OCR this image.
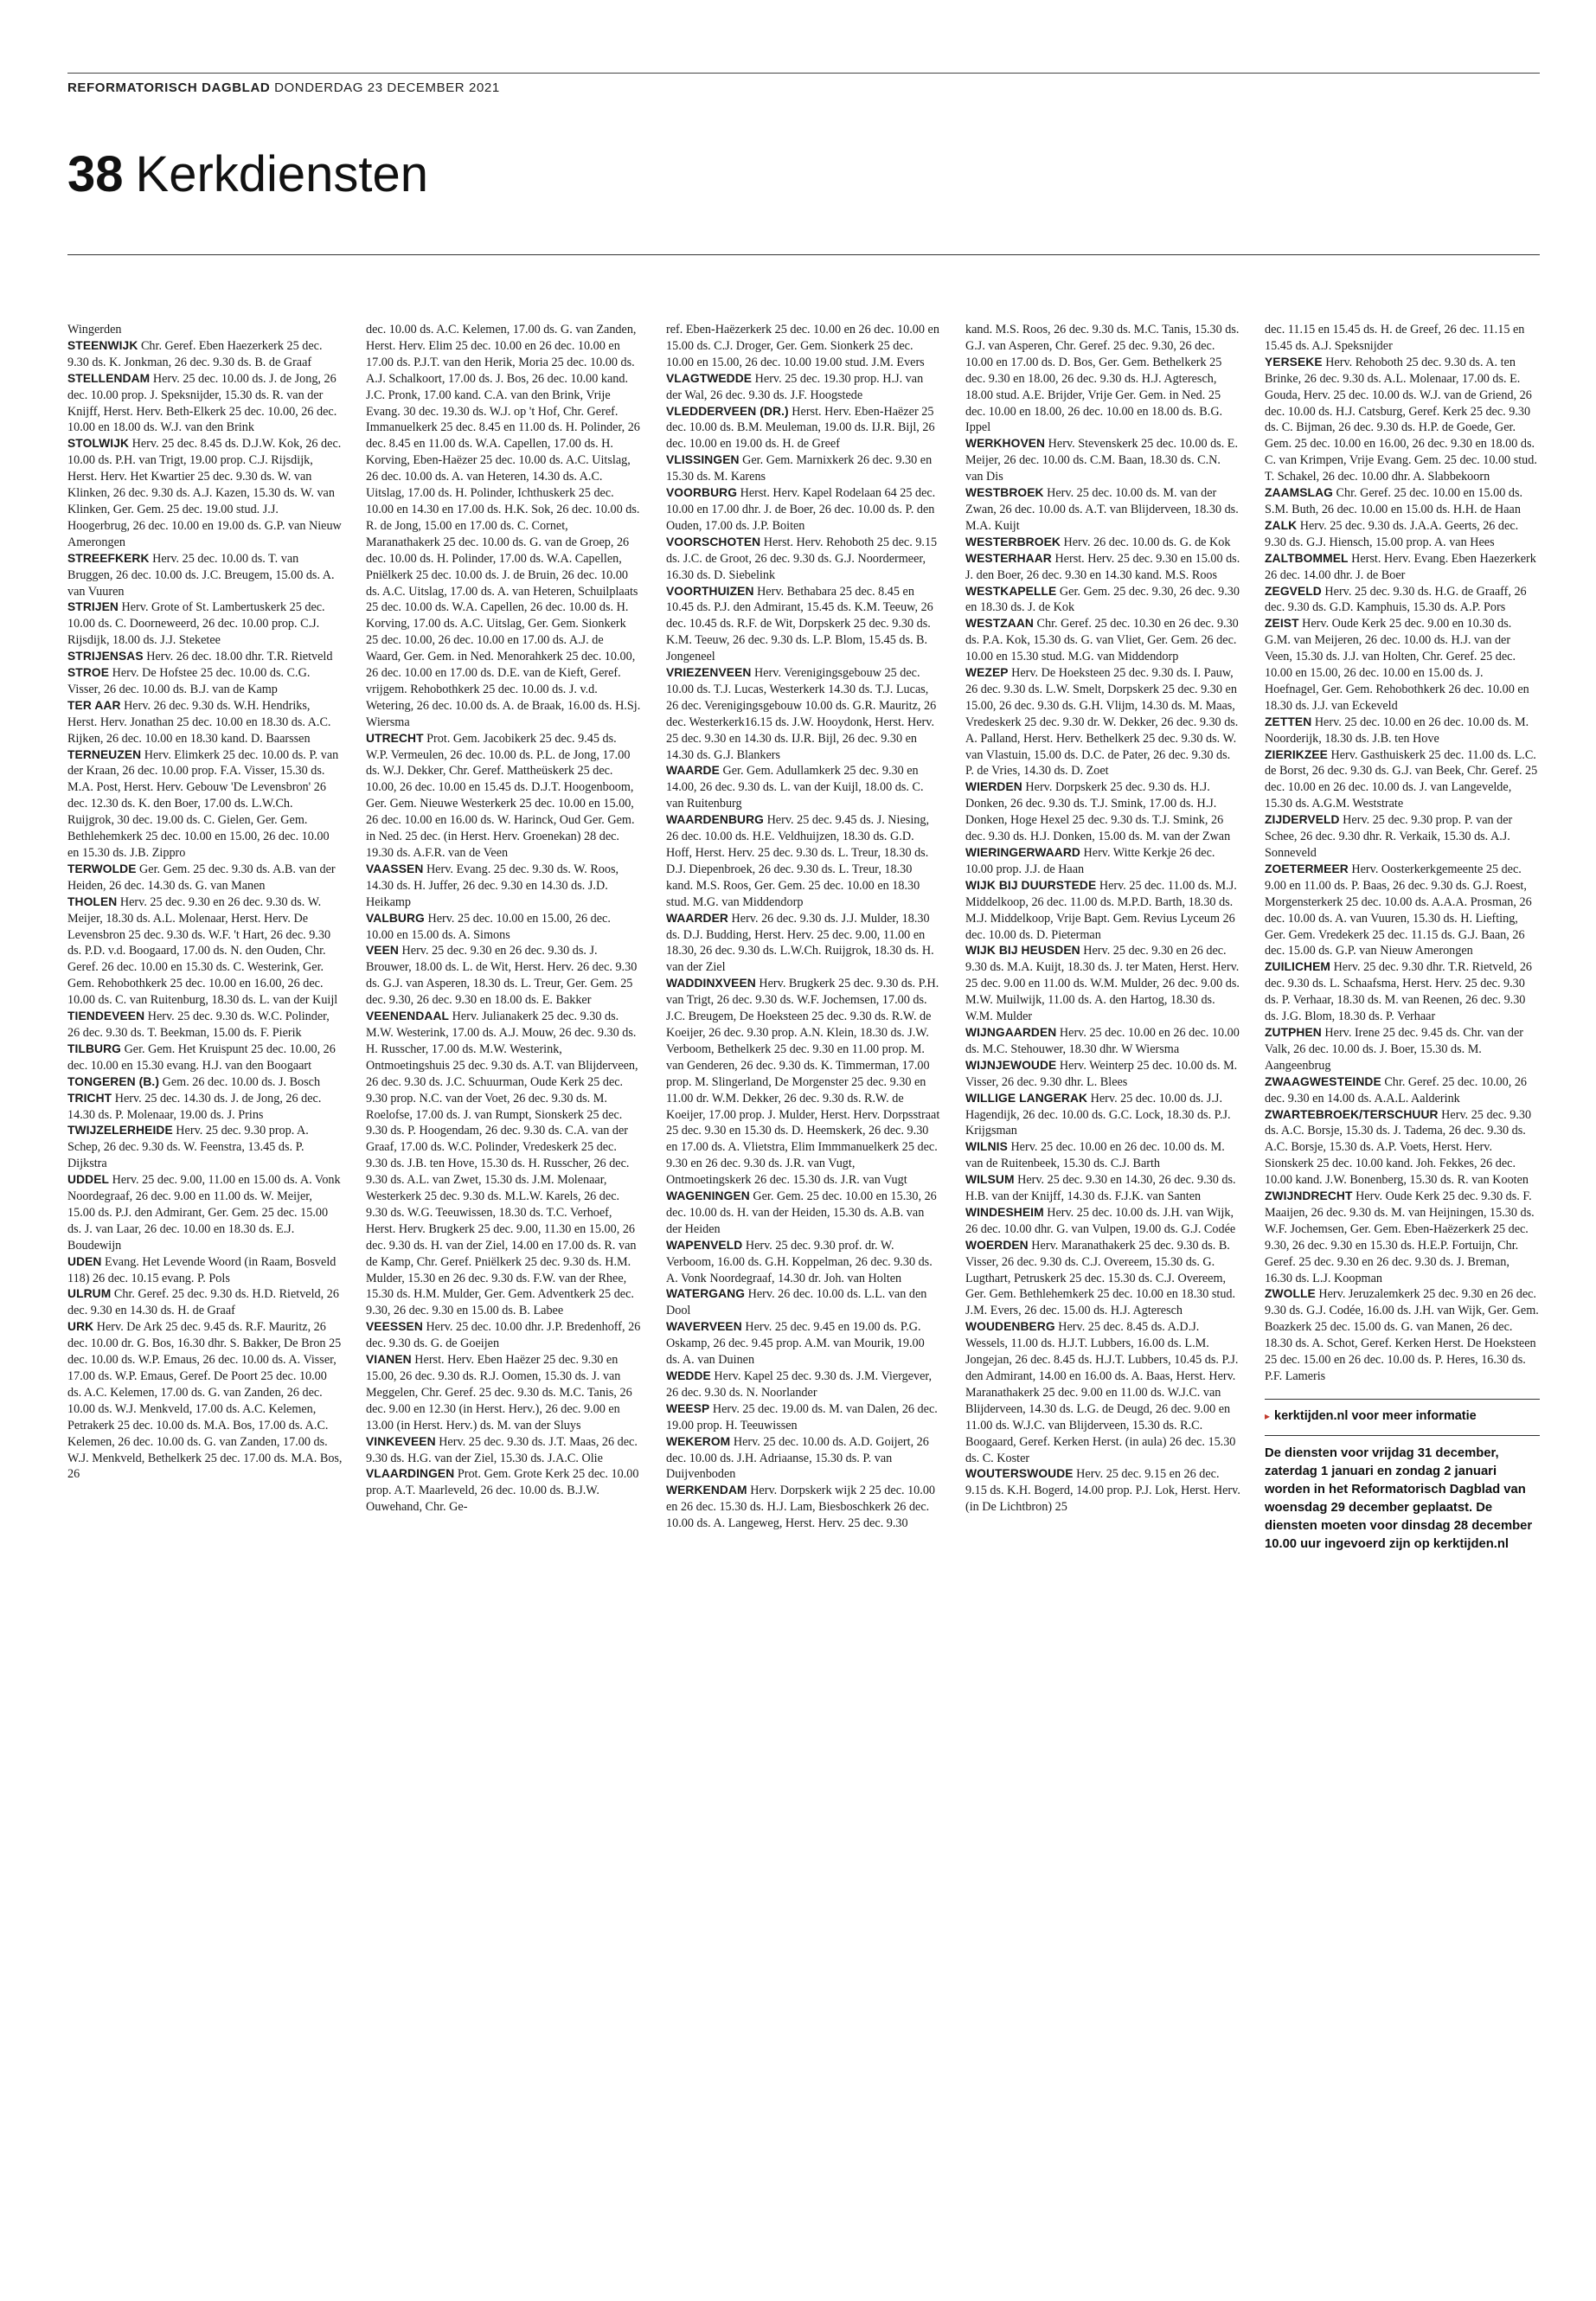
REFORMATORISCH DAGBLAD DONDERDAG 23 DECEMBER 2021
38 Kerkdiensten

Wingerden

STEENWIJK Chr. Geref. Eben Haezerkerk 25 dec. 9.30 ds. K. Jonkman, 26 dec. 9.30 ds. B. de Graaf

STELLENDAM Herv. 25 dec. 10.00 ds. J. de Jong, 26 dec. 10.00 prop. J. Speksnijder, 15.30 ds. R. van der Knijff, Herst. Herv. Beth-Elkerk 25 dec. 10.00, 26 dec. 10.00 en 18.00 ds. W.J. van den Brink

STOLWIJK Herv. 25 dec. 8.45 ds. D.J.W. Kok, 26 dec. 10.00 ds. P.H. van Trigt, 19.00 prop. C.J. Rijsdijk, Herst. Herv. Het Kwartier 25 dec. 9.30 ds. W. van Klinken, 26 dec. 9.30 ds. A.J. Kazen, 15.30 ds. W. van Klinken, Ger. Gem. 25 dec. 19.00 stud. J.J. Hoogerbrug, 26 dec. 10.00 en 19.00 ds. G.P. van Nieuw Amerongen

STREEFKERK Herv. 25 dec. 10.00 ds. T. van Bruggen, 26 dec. 10.00 ds. J.C. Breugem, 15.00 ds. A. van Vuuren

STRIJEN Herv. Grote of St. Lambertuskerk 25 dec. 10.00 ds. C. Doorneweerd, 26 dec. 10.00 prop. C.J. Rijsdijk, 18.00 ds. J.J. Steketee

STRIJENSAS Herv. 26 dec. 18.00 dhr. T.R. Rietveld

STROE Herv. De Hofstee 25 dec. 10.00 ds. C.G. Visser, 26 dec. 10.00 ds. B.J. van de Kamp

TER AAR Herv. 26 dec. 9.30 ds. W.H. Hendriks, Herst. Herv. Jonathan 25 dec. 10.00 en 18.30 ds. A.C. Rijken, 26 dec. 10.00 en 18.30 kand. D. Baarssen

TERNEUZEN Herv. Elimkerk 25 dec. 10.00 ds. P. van der Kraan, 26 dec. 10.00 prop. F.A. Visser, 15.30 ds. M.A. Post, Herst. Herv. Gebouw 'De Levensbron' 26 dec. 12.30 ds. K. den Boer, 17.00 ds. L.W.Ch. Ruijgrok, 30 dec. 19.00 ds. C. Gielen, Ger. Gem. Bethlehemkerk 25 dec. 10.00 en 15.00, 26 dec. 10.00 en 15.30 ds. J.B. Zippro

TERWOLDE Ger. Gem. 25 dec. 9.30 ds. A.B. van der Heiden, 26 dec. 14.30 ds. G. van Manen

THOLEN Herv. 25 dec. 9.30 en 26 dec. 9.30 ds. W. Meijer, 18.30 ds. A.L. Molenaar, Herst. Herv. De Levensbron 25 dec. 9.30 ds. W.F. 't Hart, 26 dec. 9.30 ds. P.D. v.d. Boogaard, 17.00 ds. N. den Ouden, Chr. Geref. 26 dec. 10.00 en 15.30 ds. C. Westerink, Ger. Gem. Rehobothkerk 25 dec. 10.00 en 16.00, 26 dec. 10.00 ds. C. van Ruitenburg, 18.30 ds. L. van der Kuijl

TIENDEVEEN Herv. 25 dec. 9.30 ds. W.C. Polinder, 26 dec. 9.30 ds. T. Beekman, 15.00 ds. F. Pierik

TILBURG Ger. Gem. Het Kruispunt 25 dec. 10.00, 26 dec. 10.00 en 15.30 evang. H.J. van den Boogaart

TONGEREN (B.) Gem. 26 dec. 10.00 ds. J. Bosch

TRICHT Herv. 25 dec. 14.30 ds. J. de Jong, 26 dec. 14.30 ds. P. Molenaar, 19.00 ds. J. Prins

TWIJZELERHEIDE Herv. 25 dec. 9.30 prop. A. Schep, 26 dec. 9.30 ds. W. Feenstra, 13.45 ds. P. Dijkstra

UDDEL Herv. 25 dec. 9.00, 11.00 en 15.00 ds. A. Vonk Noordegraaf, 26 dec. 9.00 en 11.00 ds. W. Meijer, 15.00 ds. P.J. den Admirant, Ger. Gem. 25 dec. 15.00 ds. J. van Laar, 26 dec. 10.00 en 18.30 ds. E.J. Boudewijn

UDEN Evang. Het Levende Woord (in Raam, Bosveld 118) 26 dec. 10.15 evang. P. Pols

ULRUM Chr. Geref. 25 dec. 9.30 ds. H.D. Rietveld, 26 dec. 9.30 en 14.30 ds. H. de Graaf

URK Herv. De Ark 25 dec. 9.45 ds. R.F. Mauritz, 26 dec. 10.00 dr. G. Bos, 16.30 dhr. S. Bakker, De Bron 25 dec. 10.00 ds. W.P. Emaus, 26 dec. 10.00 ds. A. Visser, 17.00 ds. W.P. Emaus, Geref. De Poort 25 dec. 10.00 ds. A.C. Kelemen, 17.00 ds. G. van Zanden, 26 dec. 10.00 ds. W.J. Menkveld, 17.00 ds. A.C. Kelemen, Petrakerk 25 dec. 10.00 ds. M.A. Bos, 17.00 ds. A.C. Kelemen, 26 dec. 10.00 ds. G. van Zanden, 17.00 ds. W.J. Menkveld, Bethelkerk 25 dec. 17.00 ds. M.A. Bos, 26

dec. 10.00 ds. A.C. Kelemen, 17.00 ds. G. van Zanden, Herst. Herv. Elim 25 dec. 10.00 en 26 dec. 10.00 en 17.00 ds. P.J.T. van den Herik, Moria 25 dec. 10.00 ds. A.J. Schalkoort, 17.00 ds. J. Bos, 26 dec. 10.00 kand. J.C. Pronk, 17.00 kand. C.A. van den Brink, Vrije Evang. 30 dec. 19.30 ds. W.J. op 't Hof, Chr. Geref. Immanuelkerk 25 dec. 8.45 en 11.00 ds. H. Polinder, 26 dec. 8.45 en 11.00 ds. W.A. Capellen, 17.00 ds. H. Korving, Eben-Haëzer 25 dec. 10.00 ds. A.C. Uitslag, 26 dec. 10.00 ds. A. van Heteren, 14.30 ds. A.C. Uitslag, 17.00 ds. H. Polinder, Ichthuskerk 25 dec. 10.00 en 14.30 en 17.00 ds. H.K. Sok, 26 dec. 10.00 ds. R. de Jong, 15.00 en 17.00 ds. C. Cornet, Maranathakerk 25 dec. 10.00 ds. G. van de Groep, 26 dec. 10.00 ds. H. Polinder, 17.00 ds. W.A. Capellen, Pniëlkerk 25 dec. 10.00 ds. J. de Bruin, 26 dec. 10.00 ds. A.C. Uitslag, 17.00 ds. A. van Heteren, Schuilplaats 25 dec. 10.00 ds. W.A. Capellen, 26 dec. 10.00 ds. H. Korving, 17.00 ds. A.C. Uitslag, Ger. Gem. Sionkerk 25 dec. 10.00, 26 dec. 10.00 en 17.00 ds. A.J. de Waard, Ger. Gem. in Ned. Menorahkerk 25 dec. 10.00, 26 dec. 10.00 en 17.00 ds. D.E. van de Kieft, Geref. vrijgem. Rehobothkerk 25 dec. 10.00 ds. J. v.d. Wetering, 26 dec. 10.00 ds. A. de Braak, 16.00 ds. H.Sj. Wiersma

UTRECHT Prot. Gem. Jacobikerk 25 dec. 9.45 ds. W.P. Vermeulen, 26 dec. 10.00 ds. P.L. de Jong, 17.00 ds. W.J. Dekker, Chr. Geref. Mattheüskerk 25 dec. 10.00, 26 dec. 10.00 en 15.45 ds. D.J.T. Hoogenboom, Ger. Gem. Nieuwe Westerkerk 25 dec. 10.00 en 15.00, 26 dec. 10.00 en 16.00 ds. W. Harinck, Oud Ger. Gem. in Ned. 25 dec. (in Herst. Herv. Groenekan) 28 dec. 19.30 ds. A.F.R. van de Veen

VAASSEN Herv. Evang. 25 dec. 9.30 ds. W. Roos, 14.30 ds. H. Juffer, 26 dec. 9.30 en 14.30 ds. J.D. Heikamp

VALBURG Herv. 25 dec. 10.00 en 15.00, 26 dec. 10.00 en 15.00 ds. A. Simons

VEEN Herv. 25 dec. 9.30 en 26 dec. 9.30 ds. J. Brouwer, 18.00 ds. L. de Wit, Herst. Herv. 26 dec. 9.30 ds. G.J. van Asperen, 18.30 ds. L. Treur, Ger. Gem. 25 dec. 9.30, 26 dec. 9.30 en 18.00 ds. E. Bakker

VEENENDAAL Herv. Julianakerk 25 dec. 9.30 ds. M.W. Westerink, 17.00 ds. A.J. Mouw, 26 dec. 9.30 ds. H. Russcher, 17.00 ds. M.W. Westerink, Ontmoetingshuis 25 dec. 9.30 ds. A.T. van Blijderveen, 26 dec. 9.30 ds. J.C. Schuurman, Oude Kerk 25 dec. 9.30 prop. N.C. van der Voet, 26 dec. 9.30 ds. M. Roelofse, 17.00 ds. J. van Rumpt, Sionskerk 25 dec. 9.30 ds. P. Hoogendam, 26 dec. 9.30 ds. C.A. van der Graaf, 17.00 ds. W.C. Polinder, Vredeskerk 25 dec. 9.30 ds. J.B. ten Hove, 15.30 ds. H. Russcher, 26 dec. 9.30 ds. A.L. van Zwet, 15.30 ds. J.M. Molenaar, Westerkerk 25 dec. 9.30 ds. M.L.W. Karels, 26 dec. 9.30 ds. W.G. Teeuwissen, 18.30 ds. T.C. Verhoef, Herst. Herv. Brugkerk 25 dec. 9.00, 11.30 en 15.00, 26 dec. 9.30 ds. H. van der Ziel, 14.00 en 17.00 ds. R. van de Kamp, Chr. Geref. Pniëlkerk 25 dec. 9.30 ds. H.M. Mulder, 15.30 en 26 dec. 9.30 ds. F.W. van der Rhee, 15.30 ds. H.M. Mulder, Ger. Gem. Adventkerk 25 dec. 9.30, 26 dec. 9.30 en 15.00 ds. B. Labee

VEESSEN Herv. 25 dec. 10.00 dhr. J.P. Bredenhoff, 26 dec. 9.30 ds. G. de Goeijen

VIANEN Herst. Herv. Eben Haëzer 25 dec. 9.30 en 15.00, 26 dec. 9.30 ds. R.J. Oomen, 15.30 ds. J. van Meggelen, Chr. Geref. 25 dec. 9.30 ds. M.C. Tanis, 26 dec. 9.00 en 12.30 (in Herst. Herv.), 26 dec. 9.00 en 13.00 (in Herst. Herv.) ds. M. van der Sluys

VINKEVEEN Herv. 25 dec. 9.30 ds. J.T. Maas, 26 dec. 9.30 ds. H.G. van der Ziel, 15.30 ds. J.A.C. Olie

VLAARDINGEN Prot. Gem. Grote Kerk 25 dec. 10.00 prop. A.T. Maarleveld, 26 dec. 10.00 ds. B.J.W. Ouwehand, Chr. Ge-

ref. Eben-Haëzerkerk 25 dec. 10.00 en 26 dec. 10.00 en 15.00 ds. C.J. Droger, Ger. Gem. Sionkerk 25 dec. 10.00 en 15.00, 26 dec. 10.00 19.00 stud. J.M. Evers

VLAGTWEDDE Herv. 25 dec. 19.30 prop. H.J. van der Wal, 26 dec. 9.30 ds. J.F. Hoogstede

VLEDDERVEEN (DR.) Herst. Herv. Eben-Haëzer 25 dec. 10.00 ds. B.M. Meuleman, 19.00 ds. IJ.R. Bijl, 26 dec. 10.00 en 19.00 ds. H. de Greef

VLISSINGEN Ger. Gem. Marnixkerk 26 dec. 9.30 en 15.30 ds. M. Karens

VOORBURG Herst. Herv. Kapel Rodelaan 64 25 dec. 10.00 en 17.00 dhr. J. de Boer, 26 dec. 10.00 ds. P. den Ouden, 17.00 ds. J.P. Boiten

VOORSCHOTEN Herst. Herv. Rehoboth 25 dec. 9.15 ds. J.C. de Groot, 26 dec. 9.30 ds. G.J. Noordermeer, 16.30 ds. D. Siebelink

VOORTHUIZEN Herv. Bethabara 25 dec. 8.45 en 10.45 ds. P.J. den Admirant, 15.45 ds. K.M. Teeuw, 26 dec. 10.45 ds. R.F. de Wit, Dorpskerk 25 dec. 9.30 ds. K.M. Teeuw, 26 dec. 9.30 ds. L.P. Blom, 15.45 ds. B. Jongeneel

VRIEZENVEEN Herv. Verenigingsgebouw 25 dec. 10.00 ds. T.J. Lucas, Westerkerk 14.30 ds. T.J. Lucas, 26 dec. Verenigingsgebouw 10.00 ds. G.R. Mauritz, 26 dec. Westerkerk16.15 ds. J.W. Hooydonk, Herst. Herv. 25 dec. 9.30 en 14.30 ds. IJ.R. Bijl, 26 dec. 9.30 en 14.30 ds. G.J. Blankers

WAARDE Ger. Gem. Adullamkerk 25 dec. 9.30 en 14.00, 26 dec. 9.30 ds. L. van der Kuijl, 18.00 ds. C. van Ruitenburg

WAARDENBURG Herv. 25 dec. 9.45 ds. J. Niesing, 26 dec. 10.00 ds. H.E. Veldhuijzen, 18.30 ds. G.D. Hoff, Herst. Herv. 25 dec. 9.30 ds. L. Treur, 18.30 ds. D.J. Diepenbroek, 26 dec. 9.30 ds. L. Treur, 18.30 kand. M.S. Roos, Ger. Gem. 25 dec. 10.00 en 18.30 stud. M.G. van Middendorp

WAARDER Herv. 26 dec. 9.30 ds. J.J. Mulder, 18.30 ds. D.J. Budding, Herst. Herv. 25 dec. 9.00, 11.00 en 18.30, 26 dec. 9.30 ds. L.W.Ch. Ruijgrok, 18.30 ds. H. van der Ziel

WADDINXVEEN Herv. Brugkerk 25 dec. 9.30 ds. P.H. van Trigt, 26 dec. 9.30 ds. W.F. Jochemsen, 17.00 ds. J.C. Breugem, De Hoeksteen 25 dec. 9.30 ds. R.W. de Koeijer, 26 dec. 9.30 prop. A.N. Klein, 18.30 ds. J.W. Verboom, Bethelkerk 25 dec. 9.30 en 11.00 prop. M. van Genderen, 26 dec. 9.30 ds. K. Timmerman, 17.00 prop. M. Slingerland, De Morgenster 25 dec. 9.30 en 11.00 dr. W.M. Dekker, 26 dec. 9.30 ds. R.W. de Koeijer, 17.00 prop. J. Mulder, Herst. Herv. Dorpsstraat 25 dec. 9.30 en 15.30 ds. D. Heemskerk, 26 dec. 9.30 en 17.00 ds. A. Vlietstra, Elim Immmanuelkerk 25 dec. 9.30 en 26 dec. 9.30 ds. J.R. van Vugt, Ontmoetingskerk 26 dec. 15.30 ds. J.R. van Vugt

WAGENINGEN Ger. Gem. 25 dec. 10.00 en 15.30, 26 dec. 10.00 ds. H. van der Heiden, 15.30 ds. A.B. van der Heiden

WAPENVELD Herv. 25 dec. 9.30 prof. dr. W. Verboom, 16.00 ds. G.H. Koppelman, 26 dec. 9.30 ds. A. Vonk Noordegraaf, 14.30 dr. Joh. van Holten

WATERGANG Herv. 26 dec. 10.00 ds. L.L. van den Dool

WAVERVEEN Herv. 25 dec. 9.45 en 19.00 ds. P.G. Oskamp, 26 dec. 9.45 prop. A.M. van Mourik, 19.00 ds. A. van Duinen

WEDDE Herv. Kapel 25 dec. 9.30 ds. J.M. Viergever, 26 dec. 9.30 ds. N. Noorlander

WEESP Herv. 25 dec. 19.00 ds. M. van Dalen, 26 dec. 19.00 prop. H. Teeuwissen

WEKEROM Herv. 25 dec. 10.00 ds. A.D. Goijert, 26 dec. 10.00 ds. J.H. Adriaanse, 15.30 ds. P. van Duijvenboden

WERKENDAM Herv. Dorpskerk wijk 2 25 dec. 10.00 en 26 dec. 15.30 ds. H.J. Lam, Biesboschkerk 26 dec. 10.00 ds. A. Langeweg, Herst. Herv. 25 dec. 9.30

kand. M.S. Roos, 26 dec. 9.30 ds. M.C. Tanis, 15.30 ds. G.J. van Asperen, Chr. Geref. 25 dec. 9.30, 26 dec. 10.00 en 17.00 ds. D. Bos, Ger. Gem. Bethelkerk 25 dec. 9.30 en 18.00, 26 dec. 9.30 ds. H.J. Agteresch, 18.00 stud. A.E. Brijder, Vrije Ger. Gem. in Ned. 25 dec. 10.00 en 18.00, 26 dec. 10.00 en 18.00 ds. B.G. Ippel

WERKHOVEN Herv. Stevenskerk 25 dec. 10.00 ds. E. Meijer, 26 dec. 10.00 ds. C.M. Baan, 18.30 ds. C.N. van Dis

WESTBROEK Herv. 25 dec. 10.00 ds. M. van der Zwan, 26 dec. 10.00 ds. A.T. van Blijderveen, 18.30 ds. M.A. Kuijt

WESTERBROEK Herv. 26 dec. 10.00 ds. G. de Kok

WESTERHAAR Herst. Herv. 25 dec. 9.30 en 15.00 ds. J. den Boer, 26 dec. 9.30 en 14.30 kand. M.S. Roos

WESTKAPELLE Ger. Gem. 25 dec. 9.30, 26 dec. 9.30 en 18.30 ds. J. de Kok

WESTZAAN Chr. Geref. 25 dec. 10.30 en 26 dec. 9.30 ds. P.A. Kok, 15.30 ds. G. van Vliet, Ger. Gem. 26 dec. 10.00 en 15.30 stud. M.G. van Middendorp

WEZEP Herv. De Hoeksteen 25 dec. 9.30 ds. I. Pauw, 26 dec. 9.30 ds. L.W. Smelt, Dorpskerk 25 dec. 9.30 en 15.00, 26 dec. 9.30 ds. G.H. Vlijm, 14.30 ds. M. Maas, Vredeskerk 25 dec. 9.30 dr. W. Dekker, 26 dec. 9.30 ds. A. Palland, Herst. Herv. Bethelkerk 25 dec. 9.30 ds. W. van Vlastuin, 15.00 ds. D.C. de Pater, 26 dec. 9.30 ds. P. de Vries, 14.30 ds. D. Zoet

WIERDEN Herv. Dorpskerk 25 dec. 9.30 ds. H.J. Donken, 26 dec. 9.30 ds. T.J. Smink, 17.00 ds. H.J. Donken, Hoge Hexel 25 dec. 9.30 ds. T.J. Smink, 26 dec. 9.30 ds. H.J. Donken, 15.00 ds. M. van der Zwan

WIERINGERWAARD Herv. Witte Kerkje 26 dec. 10.00 prop. J.J. de Haan

WIJK BIJ DUURSTEDE Herv. 25 dec. 11.00 ds. M.J. Middelkoop, 26 dec. 11.00 ds. M.P.D. Barth, 18.30 ds. M.J. Middelkoop, Vrije Bapt. Gem. Revius Lyceum 26 dec. 10.00 ds. D. Pieterman

WIJK BIJ HEUSDEN Herv. 25 dec. 9.30 en 26 dec. 9.30 ds. M.A. Kuijt, 18.30 ds. J. ter Maten, Herst. Herv. 25 dec. 9.00 en 11.00 ds. W.M. Mulder, 26 dec. 9.00 ds. M.W. Muilwijk, 11.00 ds. A. den Hartog, 18.30 ds. W.M. Mulder

WIJNGAARDEN Herv. 25 dec. 10.00 en 26 dec. 10.00 ds. M.C. Stehouwer, 18.30 dhr. W Wiersma

WIJNJEWOUDE Herv. Weinterp 25 dec. 10.00 ds. M. Visser, 26 dec. 9.30 dhr. L. Blees

WILLIGE LANGERAK Herv. 25 dec. 10.00 ds. J.J. Hagendijk, 26 dec. 10.00 ds. G.C. Lock, 18.30 ds. P.J. Krijgsman

WILNIS Herv. 25 dec. 10.00 en 26 dec. 10.00 ds. M. van de Ruitenbeek, 15.30 ds. C.J. Barth

WILSUM Herv. 25 dec. 9.30 en 14.30, 26 dec. 9.30 ds. H.B. van der Knijff, 14.30 ds. F.J.K. van Santen

WINDESHEIM Herv. 25 dec. 10.00 ds. J.H. van Wijk, 26 dec. 10.00 dhr. G. van Vulpen, 19.00 ds. G.J. Codée

WOERDEN Herv. Maranathakerk 25 dec. 9.30 ds. B. Visser, 26 dec. 9.30 ds. C.J. Overeem, 15.30 ds. G. Lugthart, Petruskerk 25 dec. 15.30 ds. C.J. Overeem, Ger. Gem. Bethlehemkerk 25 dec. 10.00 en 18.30 stud. J.M. Evers, 26 dec. 15.00 ds. H.J. Agteresch

WOUDENBERG Herv. 25 dec. 8.45 ds. A.D.J. Wessels, 11.00 ds. H.J.T. Lubbers, 16.00 ds. L.M. Jongejan, 26 dec. 8.45 ds. H.J.T. Lubbers, 10.45 ds. P.J. den Admirant, 14.00 en 16.00 ds. A. Baas, Herst. Herv. Maranathakerk 25 dec. 9.00 en 11.00 ds. W.J.C. van Blijderveen, 14.30 ds. L.G. de Deugd, 26 dec. 9.00 en 11.00 ds. W.J.C. van Blijderveen, 15.30 ds. R.C. Boogaard, Geref. Kerken Herst. (in aula) 26 dec. 15.30 ds. C. Koster

WOUTERSWOUDE Herv. 25 dec. 9.15 en 26 dec. 9.15 ds. K.H. Bogerd, 14.00 prop. P.J. Lok, Herst. Herv. (in De Lichtbron) 25

dec. 11.15 en 15.45 ds. H. de Greef, 26 dec. 11.15 en 15.45 ds. A.J. Speksnijder

YERSEKE Herv. Rehoboth 25 dec. 9.30 ds. A. ten Brinke, 26 dec. 9.30 ds. A.L. Molenaar, 17.00 ds. E. Gouda, Herv. 25 dec. 10.00 ds. W.J. van de Griend, 26 dec. 10.00 ds. H.J. Catsburg, Geref. Kerk 25 dec. 9.30 ds. C. Bijman, 26 dec. 9.30 ds. H.P. de Goede, Ger. Gem. 25 dec. 10.00 en 16.00, 26 dec. 9.30 en 18.00 ds. C. van Krimpen, Vrije Evang. Gem. 25 dec. 10.00 stud. T. Schakel, 26 dec. 10.00 dhr. A. Slabbekoorn

ZAAMSLAG Chr. Geref. 25 dec. 10.00 en 15.00 ds. S.M. Buth, 26 dec. 10.00 en 15.00 ds. H.H. de Haan

ZALK Herv. 25 dec. 9.30 ds. J.A.A. Geerts, 26 dec. 9.30 ds. G.J. Hiensch, 15.00 prop. A. van Hees

ZALTBOMMEL Herst. Herv. Evang. Eben Haezerkerk 26 dec. 14.00 dhr. J. de Boer

ZEGVELD Herv. 25 dec. 9.30 ds. H.G. de Graaff, 26 dec. 9.30 ds. G.D. Kamphuis, 15.30 ds. A.P. Pors

ZEIST Herv. Oude Kerk 25 dec. 9.00 en 10.30 ds. G.M. van Meijeren, 26 dec. 10.00 ds. H.J. van der Veen, 15.30 ds. J.J. van Holten, Chr. Geref. 25 dec. 10.00 en 15.00, 26 dec. 10.00 en 15.00 ds. J. Hoefnagel, Ger. Gem. Rehobothkerk 26 dec. 10.00 en 18.30 ds. J.J. van Eckeveld

ZETTEN Herv. 25 dec. 10.00 en 26 dec. 10.00 ds. M. Noorderijk, 18.30 ds. J.B. ten Hove

ZIERIKZEE Herv. Gasthuiskerk 25 dec. 11.00 ds. L.C. de Borst, 26 dec. 9.30 ds. G.J. van Beek, Chr. Geref. 25 dec. 10.00 en 26 dec. 10.00 ds. J. van Langevelde, 15.30 ds. A.G.M. Weststrate

ZIJDERVELD Herv. 25 dec. 9.30 prop. P. van der Schee, 26 dec. 9.30 dhr. R. Verkaik, 15.30 ds. A.J. Sonneveld

ZOETERMEER Herv. Oosterkerkgemeente 25 dec. 9.00 en 11.00 ds. P. Baas, 26 dec. 9.30 ds. G.J. Roest, Morgensterkerk 25 dec. 10.00 ds. A.A.A. Prosman, 26 dec. 10.00 ds. A. van Vuuren, 15.30 ds. H. Liefting, Ger. Gem. Vredekerk 25 dec. 11.15 ds. G.J. Baan, 26 dec. 15.00 ds. G.P. van Nieuw Amerongen

ZUILICHEM Herv. 25 dec. 9.30 dhr. T.R. Rietveld, 26 dec. 9.30 ds. L. Schaafsma, Herst. Herv. 25 dec. 9.30 ds. P. Verhaar, 18.30 ds. M. van Reenen, 26 dec. 9.30 ds. J.G. Blom, 18.30 ds. P. Verhaar

ZUTPHEN Herv. Irene 25 dec. 9.45 ds. Chr. van der Valk, 26 dec. 10.00 ds. J. Boer, 15.30 ds. M. Aangeenbrug

ZWAAGWESTEINDE Chr. Geref. 25 dec. 10.00, 26 dec. 9.30 en 14.00 ds. A.A.L. Aalderink

ZWARTEBROEK/TERSCHUUR Herv. 25 dec. 9.30 ds. A.C. Borsje, 15.30 ds. J. Tadema, 26 dec. 9.30 ds. A.C. Borsje, 15.30 ds. A.P. Voets, Herst. Herv. Sionskerk 25 dec. 10.00 kand. Joh. Fekkes, 26 dec. 10.00 kand. J.W. Bonenberg, 15.30 ds. R. van Kooten

ZWIJNDRECHT Herv. Oude Kerk 25 dec. 9.30 ds. F. Maaijen, 26 dec. 9.30 ds. M. van Heijningen, 15.30 ds. W.F. Jochemsen, Ger. Gem. Eben-Haëzerkerk 25 dec. 9.30, 26 dec. 9.30 en 15.30 ds. H.E.P. Fortuijn, Chr. Geref. 25 dec. 9.30 en 26 dec. 9.30 ds. J. Breman, 16.30 ds. L.J. Koopman

ZWOLLE Herv. Jeruzalemkerk 25 dec. 9.30 en 26 dec. 9.30 ds. G.J. Codée, 16.00 ds. J.H. van Wijk, Ger. Gem. Boazkerk 25 dec. 15.00 ds. G. van Manen, 26 dec. 18.30 ds. A. Schot, Geref. Kerken Herst. De Hoeksteen 25 dec. 15.00 en 26 dec. 10.00 ds. P. Heres, 16.30 ds. P.F. Lameris

▸ kerktijden.nl voor meer informatie
De diensten voor vrijdag 31 december, zaterdag 1 januari en zondag 2 januari worden in het Reformatorisch Dagblad van woensdag 29 december geplaatst. De diensten moeten voor dinsdag 28 december 10.00 uur ingevoerd zijn op kerktijden.nl
